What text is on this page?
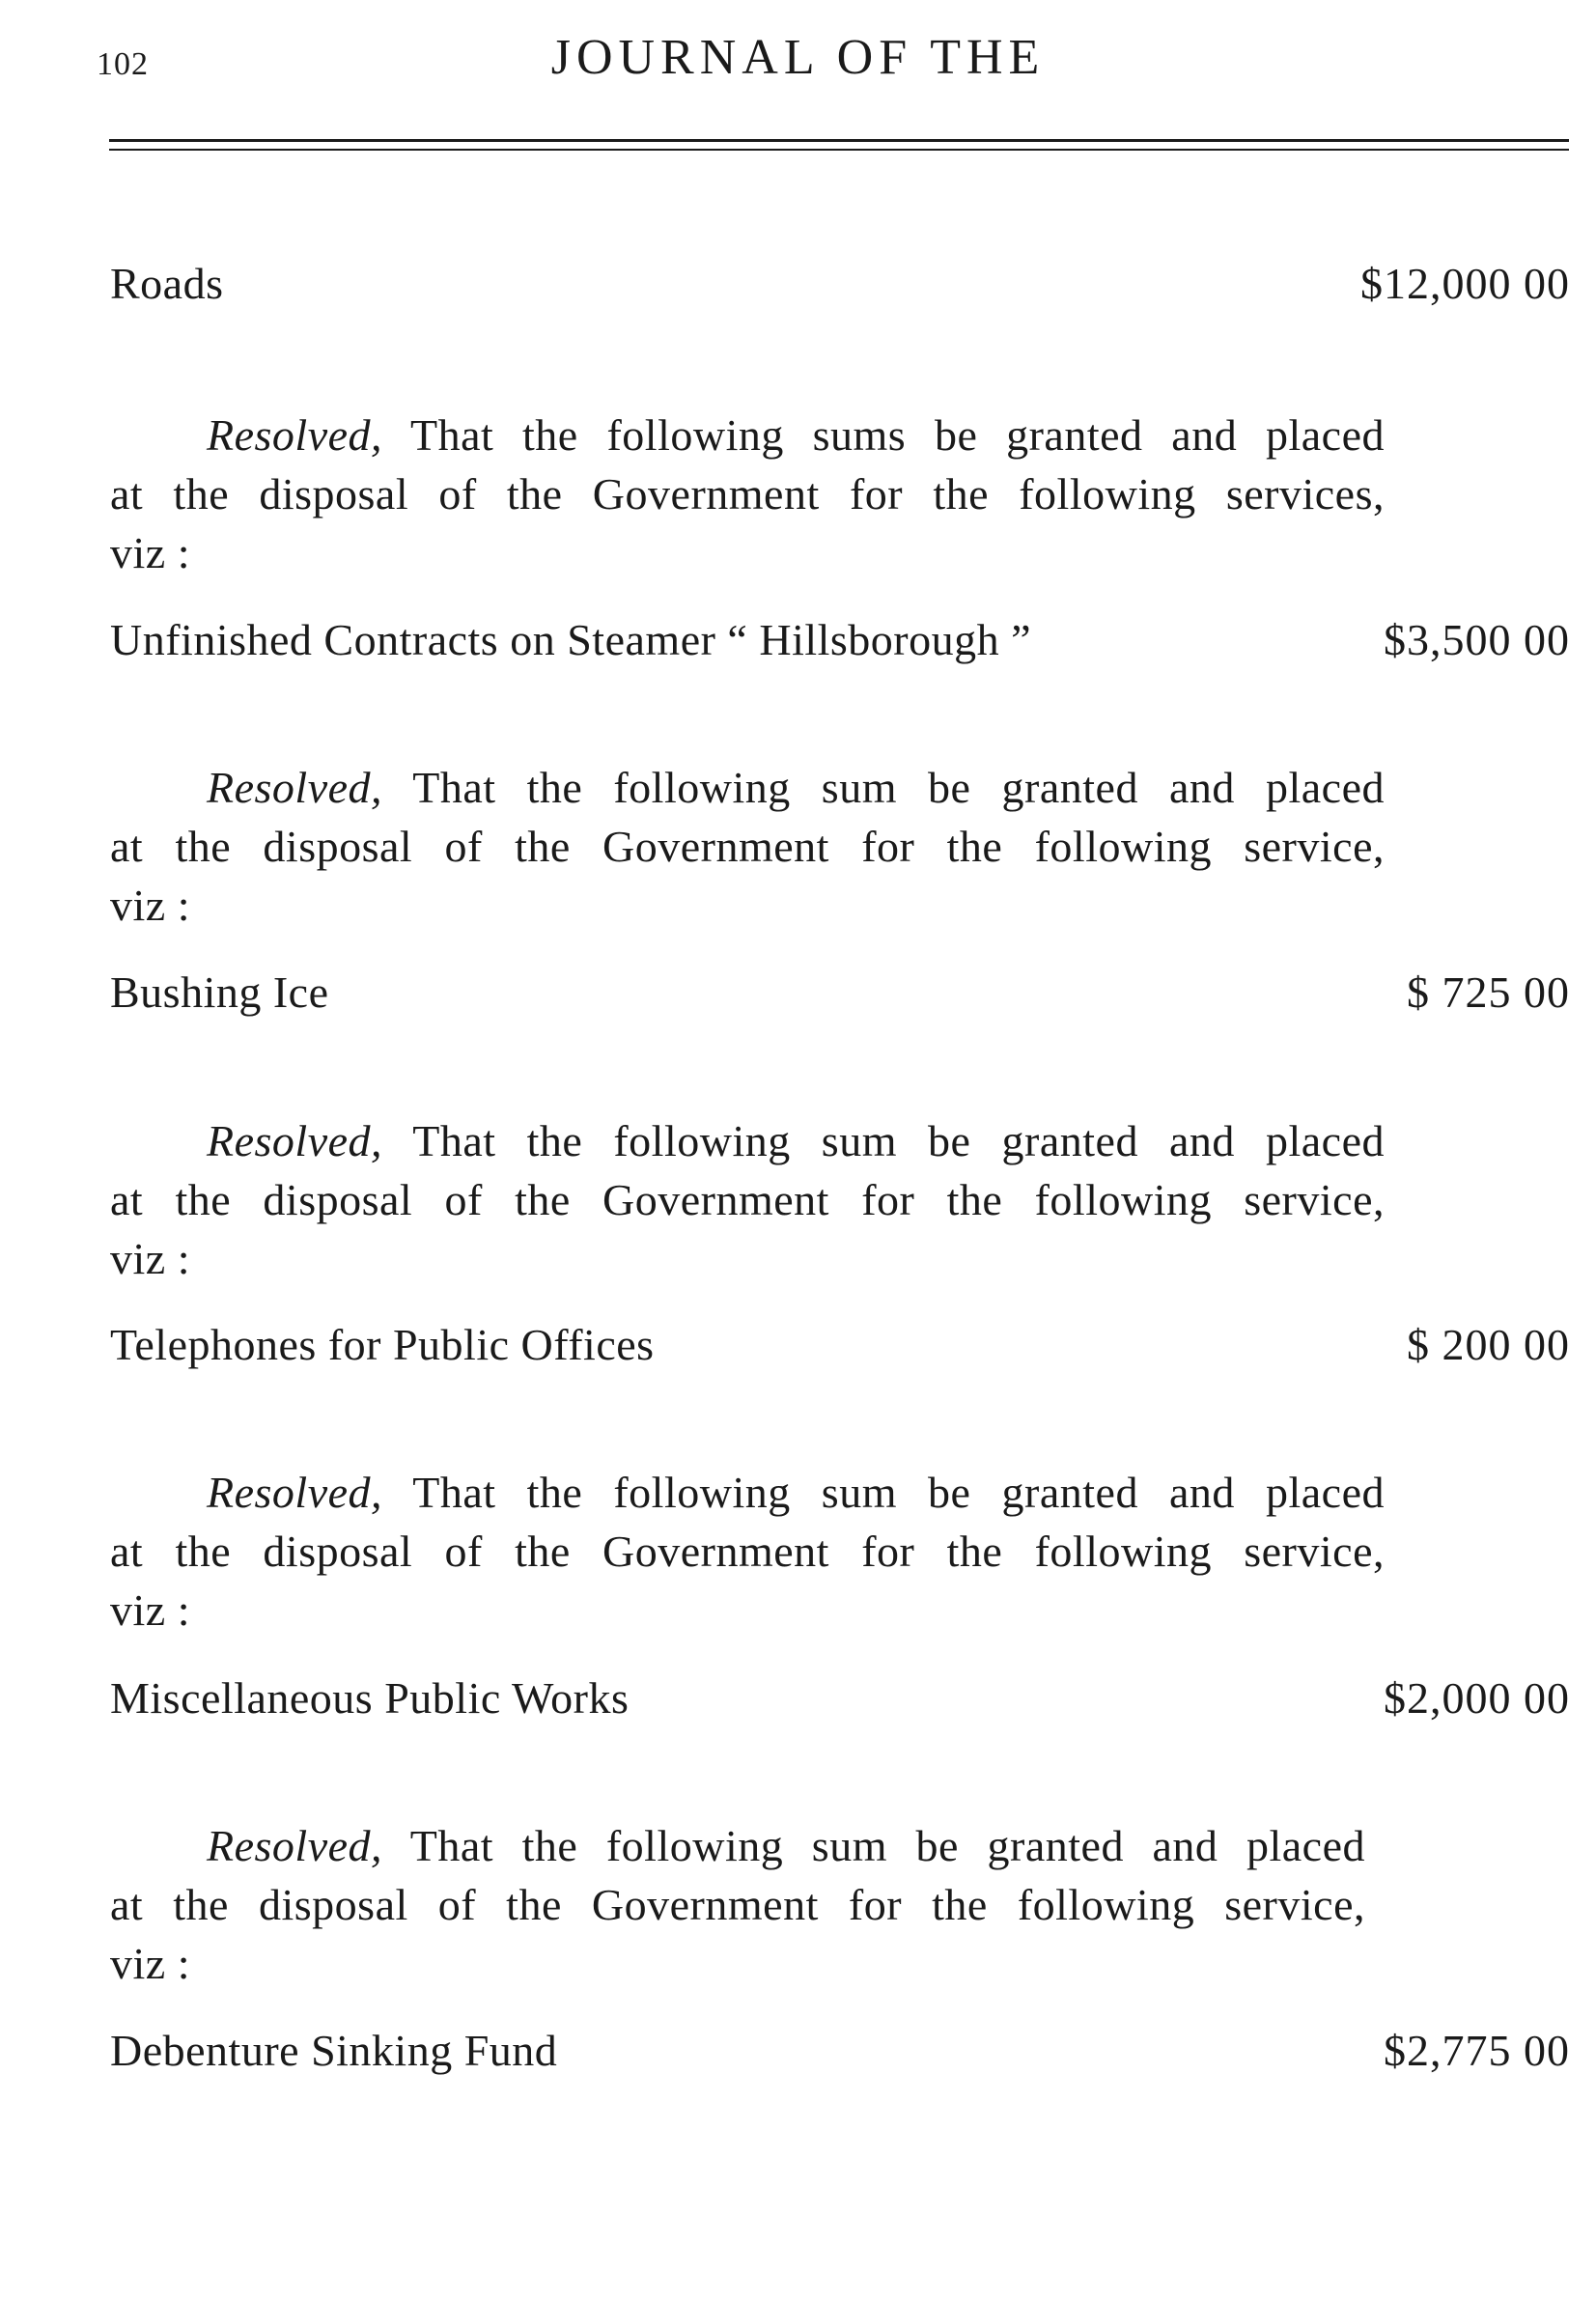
102	JOURNAL OF THE
Roads	$12,000 00
Resolved, That the following sums be granted and placed
at the disposal of the Government for the following services,
viz :
Unfinished Contracts on Steamer “ Hillsborough ”	$3,500 00
Resolved, That the following sum be granted and placed
at the disposal of the Government for the following service,
viz :
Bushing Ice	$ 725 00
Resolved, That the following sum be granted and placed
at the disposal of the Government for the following service,
viz :
Telephones for Public Offices	$ 200 00
Resolved, That the following sum be granted and placed
at the disposal of the Government for the following service,
viz :
Miscellaneous Public Works	$2,000 00
Resolved, That the following sum be granted and placed
at the disposal of the Government for the following service,
viz :
Debenture Sinking Fund	$2,775 00
